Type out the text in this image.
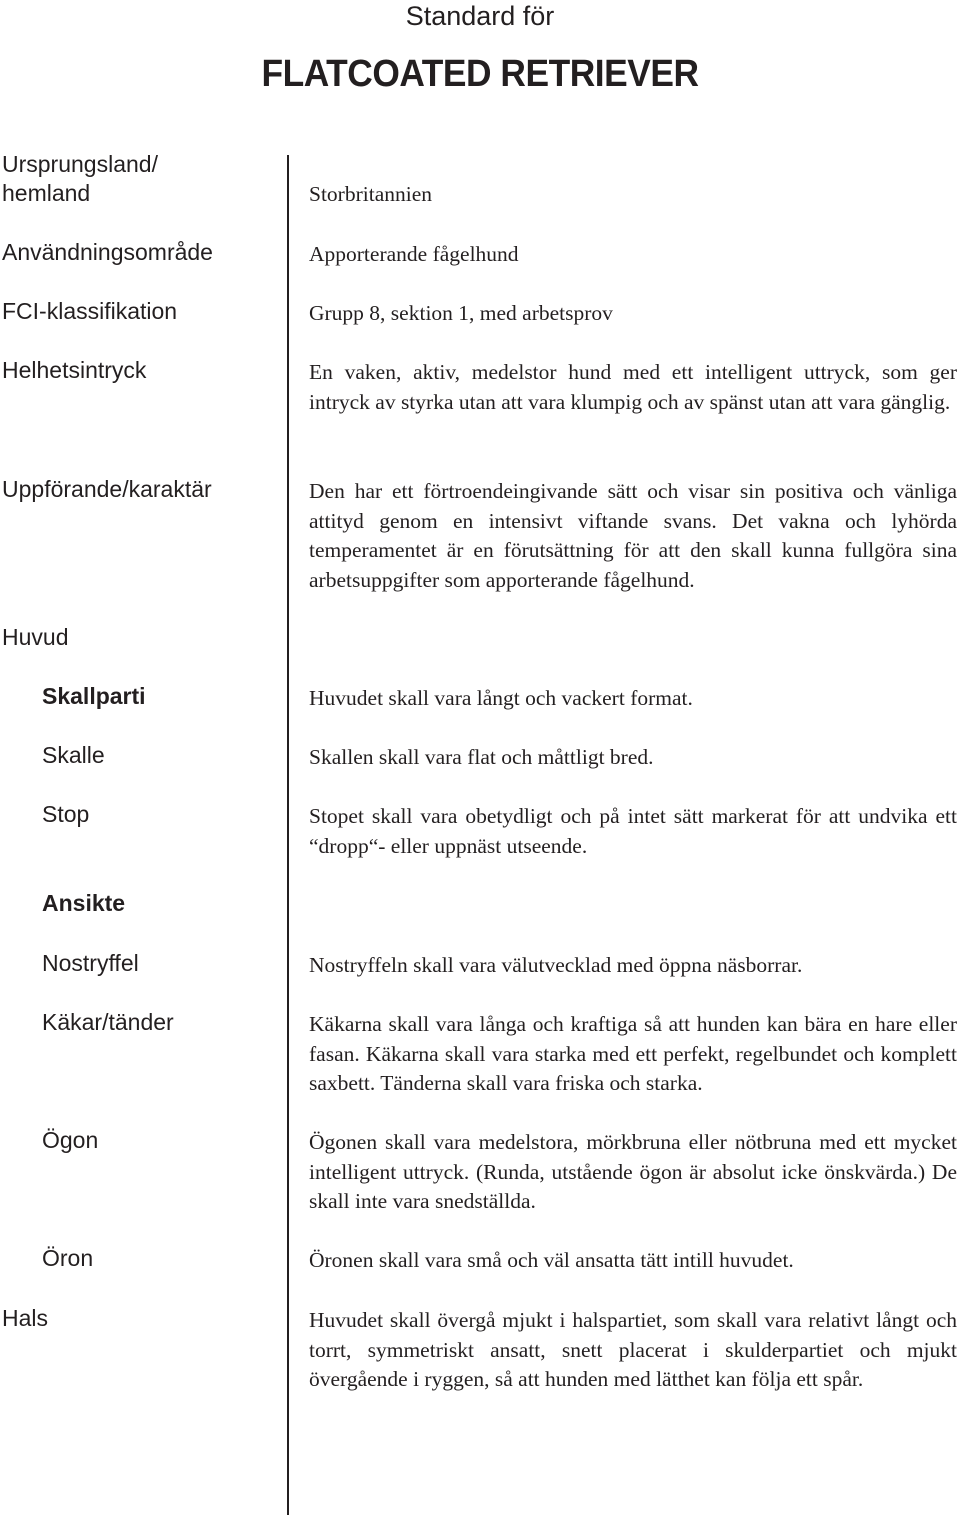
Standard för
FLATCOATED RETRIEVER
Ursprungsland/ hemland
Användningsområde
FCI-klassifikation
Helhetsintryck
Uppförande/karaktär
Huvud
Skallparti
Skalle
Stop
Ansikte
Nostryffel
Käkar/tänder
Ögon
Öron
Hals
Storbritannien
Apporterande fågelhund
Grupp 8, sektion 1, med arbetsprov
En vaken, aktiv, medelstor hund med ett intelligent uttryck, som ger intryck av styrka utan att vara klumpig och av spänst utan att vara gänglig.
Den har ett förtroendeingivande sätt och visar sin positiva och vänliga attityd genom en intensivt viftande svans. Det vakna och lyhörda temperamentet är en förutsättning för att den skall kunna fullgöra sina arbetsuppgifter som apporterande fågelhund.
Huvudet skall vara långt och vackert format.
Skallen skall vara flat och måttligt bred.
Stopet skall vara obetydligt och på intet sätt markerat för att undvika ett “dropp“- eller uppnäst utseende.
Nostryffeln skall vara välutvecklad med öppna näsborrar.
Käkarna skall vara långa och kraftiga så att hunden kan bära en hare eller fasan. Käkarna skall vara starka med ett perfekt, regelbundet och komplett saxbett. Tänderna skall vara friska och starka.
Ögonen skall vara medelstora, mörkbruna eller nötbruna med ett mycket intelligent uttryck. (Runda, utstående ögon är absolut icke önskvärda.) De skall inte vara snedställda.
Öronen skall vara små och väl ansatta tätt intill huvudet.
Huvudet skall övergå mjukt i halspartiet, som skall vara relativt långt och torrt, symmetriskt ansatt, snett placerat i skulderpartiet och mjukt övergående i ryggen, så att hunden med lätthet kan följa ett spår.
